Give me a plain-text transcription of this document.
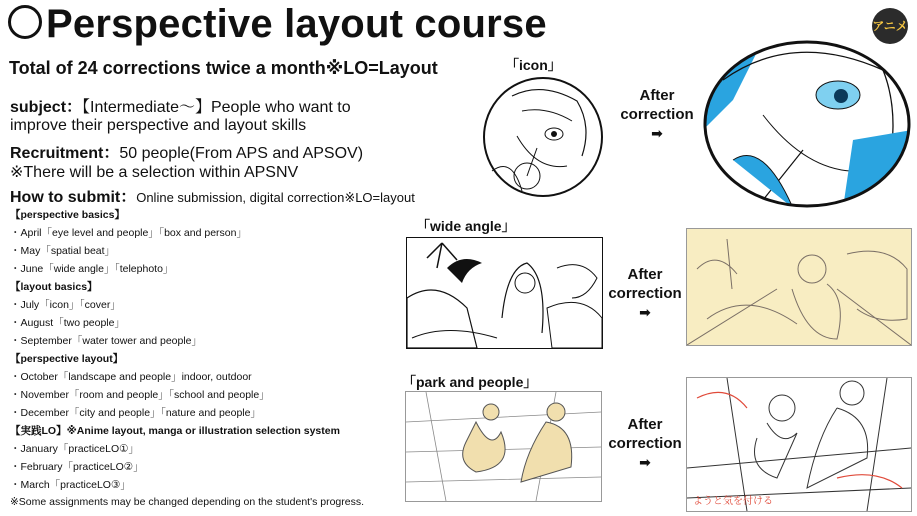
Perspective layout course	アニメ
Total of 24 corrections twice a month※LO=Layout
subject：【Intermediate〜】People who want to
improve their perspective and layout skills
Recruitment：50 people(From APS and APSOV)
※There will be a selection within APSNV
How to submit：Online submission, digital correction※LO=layout
【perspective basics】
・April「eye level and people」「box and person」
・May「spatial beat」
・June「wide angle」「telephoto」
【layout basics】
・July「icon」「cover」
・August「two people」
・September「water tower and people」
【perspective layout】
・October「landscape and people」indoor, outdoor
・November「room and people」「school and people」
・December「city and people」「nature and people」
【実践LO】※Anime layout, manga or illustration selection system
・January「practiceLO①」
・February「practiceLO②」
・March「practiceLO③」
※Some assignments may be changed depending on the student's progress.
「icon」
「wide angle」
「park and people」
After
correction
➡
After
correction
➡
After
correction
➡
ようと気を付ける
